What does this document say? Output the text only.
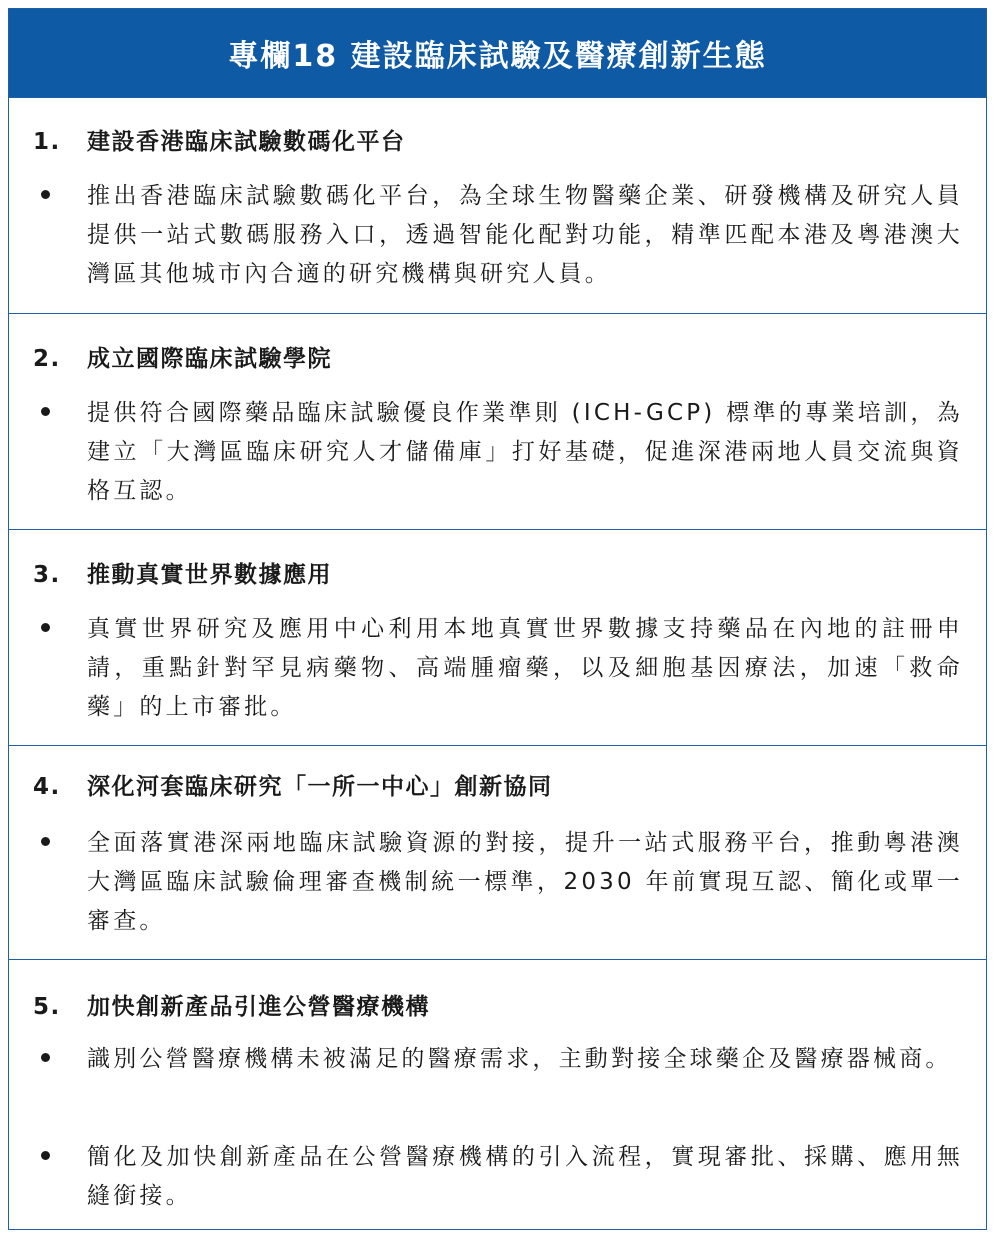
專欄18 建設臨床試驗及醫療創新生態
1. 建設香港臨床試驗數碼化平台
推出香港臨床試驗數碼化平台，為全球生物醫藥企業、研發機構及研究人員提供一站式數碼服務入口，透過智能化配對功能，精準匹配本港及粵港澳大灣區其他城市內合適的研究機構與研究人員。
2. 成立國際臨床試驗學院
提供符合國際藥品臨床試驗優良作業準則 (ICH-GCP) 標準的專業培訓，為建立「大灣區臨床研究人才儲備庫」打好基礎，促進深港兩地人員交流與資格互認。
3. 推動真實世界數據應用
真實世界研究及應用中心利用本地真實世界數據支持藥品在內地的註冊申請，重點針對罕見病藥物、高端腫瘤藥，以及細胞基因療法，加速「救命藥」的上市審批。
4. 深化河套臨床研究「一所一中心」創新協同
全面落實港深兩地臨床試驗資源的對接，提升一站式服務平台，推動粵港澳大灣區臨床試驗倫理審查機制統一標準，2030 年前實現互認、簡化或單一審查。
5. 加快創新產品引進公營醫療機構
識別公營醫療機構未被滿足的醫療需求，主動對接全球藥企及醫療器械商。
簡化及加快創新產品在公營醫療機構的引入流程，實現審批、採購、應用無縫銜接。
